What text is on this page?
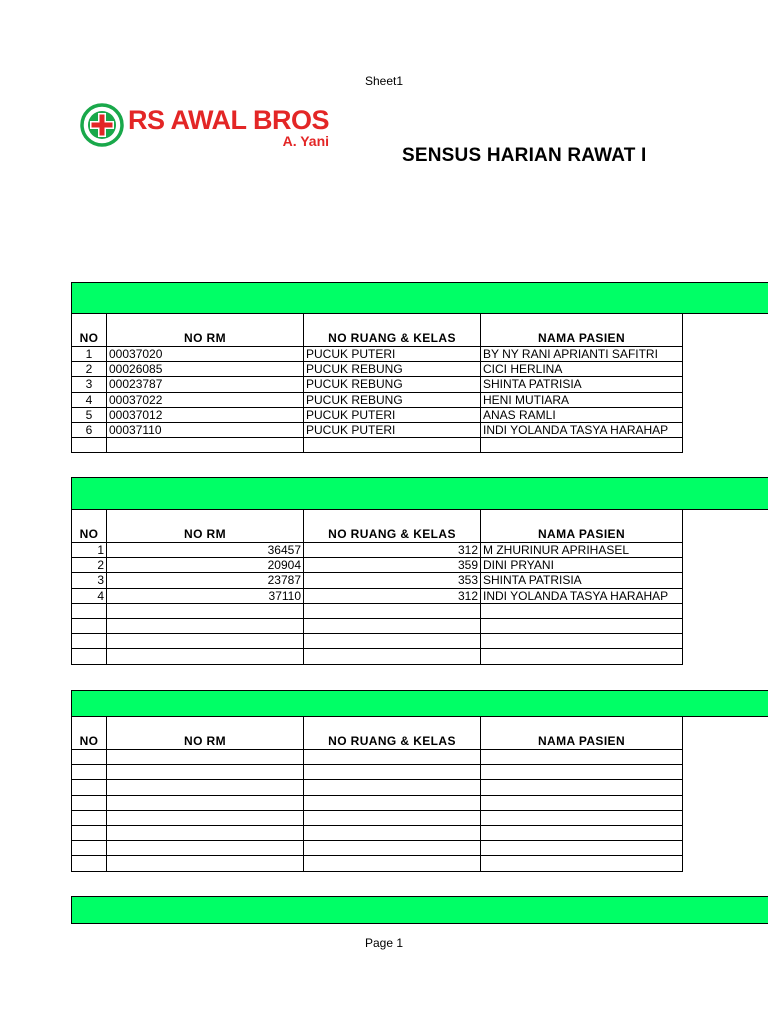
Sheet1
RS AWAL BROS
A. Yani
SENSUS HARIAN RAWAT I
NO	NO RM	NO RUANG & KELAS	NAMA PASIEN
1	00037020	PUCUK PUTERI	BY NY RANI APRIANTI SAFITRI
2	00026085	PUCUK REBUNG	CICI HERLINA
3	00023787	PUCUK REBUNG	SHINTA PATRISIA
4	00037022	PUCUK REBUNG	HENI MUTIARA
5	00037012	PUCUK PUTERI	ANAS RAMLI
6	00037110	PUCUK PUTERI	INDI YOLANDA TASYA HARAHAP

NO	NO RM	NO RUANG & KELAS	NAMA PASIEN
1	36457	312	M ZHURINUR APRIHASEL
2	20904	359	DINI PRYANI
3	23787	353	SHINTA PATRISIA
4	37110	312	INDI YOLANDA TASYA HARAHAP

NO	NO RM	NO RUANG & KELAS	NAMA PASIEN

Page 1
